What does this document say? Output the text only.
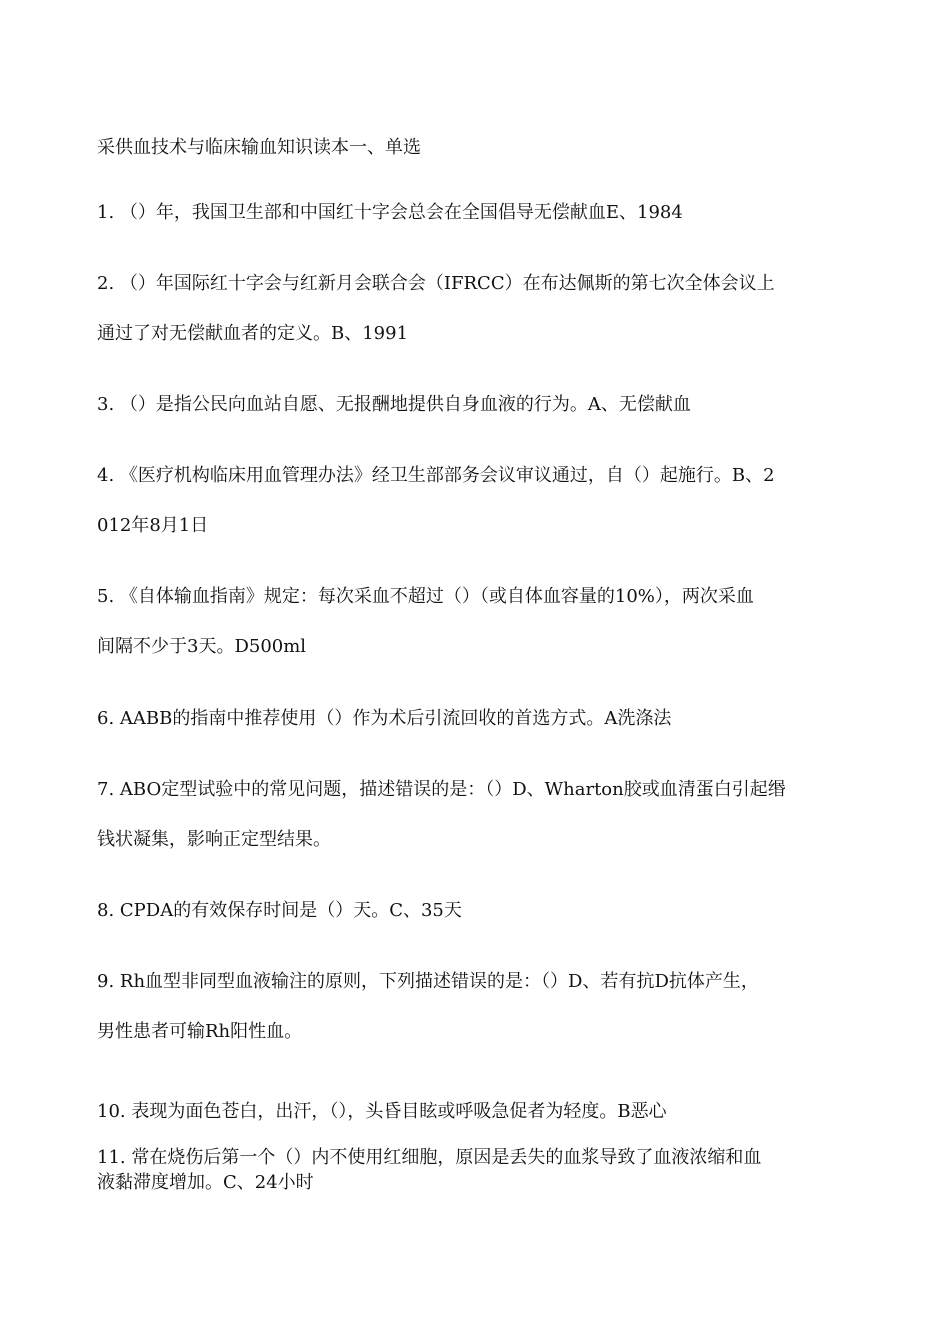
采供血技术与临床输血知识读本一、单选
1. （）年，我国卫生部和中国红十字会总会在全国倡导无偿献血E、1984
2. （）年国际红十字会与红新月会联合会（IFRCC）在布达佩斯的第七次全体会议上
通过了对无偿献血者的定义。B、1991
3. （）是指公民向血站自愿、无报酬地提供自身血液的行为。A、无偿献血
4. 《医疗机构临床用血管理办法》经卫生部部务会议审议通过，自（）起施行。B、2
012年8月1日
5. 《自体输血指南》规定：每次采血不超过（）（或自体血容量的10%），两次采血
间隔不少于3天。D500ml
6. AABB的指南中推荐使用（）作为术后引流回收的首选方式。A洗涤法
7. ABO定型试验中的常见问题，描述错误的是：（）D、Wharton胶或血清蛋白引起缗
钱状凝集，影响正定型结果。
8. CPDA的有效保存时间是（）天。C、35天
9. Rh血型非同型血液输注的原则，下列描述错误的是：（）D、若有抗D抗体产生，
男性患者可输Rh阳性血。
10. 表现为面色苍白，出汗，（），头昏目眩或呼吸急促者为轻度。B恶心
11. 常在烧伤后第一个（）内不使用红细胞，原因是丢失的血浆导致了血液浓缩和血
液黏滞度增加。C、24小时
